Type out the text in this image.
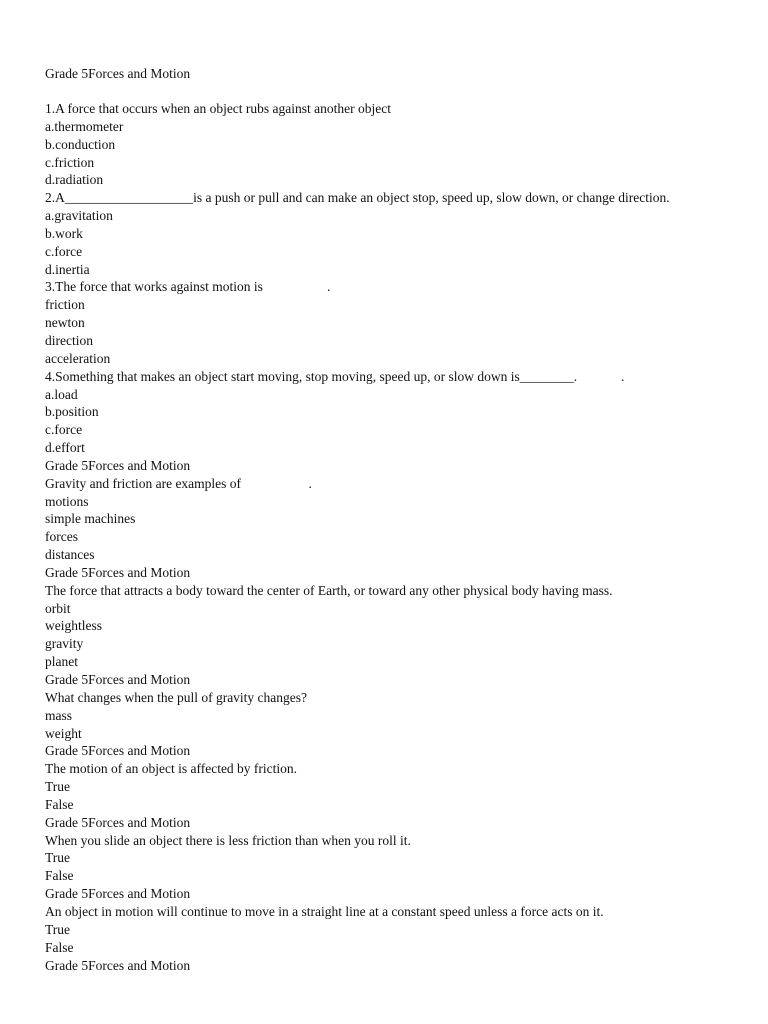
Grade 5Forces and Motion
1.A force that occurs when an object rubs against another object
a.thermometer
b.conduction
c.friction
d.radiation
2.A___________________is a push or pull and can make an object stop, speed up, slow down, or change direction.
a.gravitation
b.work
c.force
d.inertia
3.The force that works against motion is                   .
friction
newton
direction
acceleration
4.Something that makes an object start moving, stop moving, speed up, or slow down is________.             .
a.load
b.position
c.force
d.effort
Grade 5Forces and Motion
Gravity and friction are examples of                    .
motions
simple machines
forces
distances
Grade 5Forces and Motion
The force that attracts a body toward the center of Earth, or toward any other physical body having mass.
orbit
weightless
gravity
planet
Grade 5Forces and Motion
What changes when the pull of gravity changes?
mass
weight
Grade 5Forces and Motion
The motion of an object is affected by friction.
True
False
Grade 5Forces and Motion
When you slide an object there is less friction than when you roll it.
True
False
Grade 5Forces and Motion
An object in motion will continue to move in a straight line at a constant speed unless a force acts on it.
True
False
Grade 5Forces and Motion
